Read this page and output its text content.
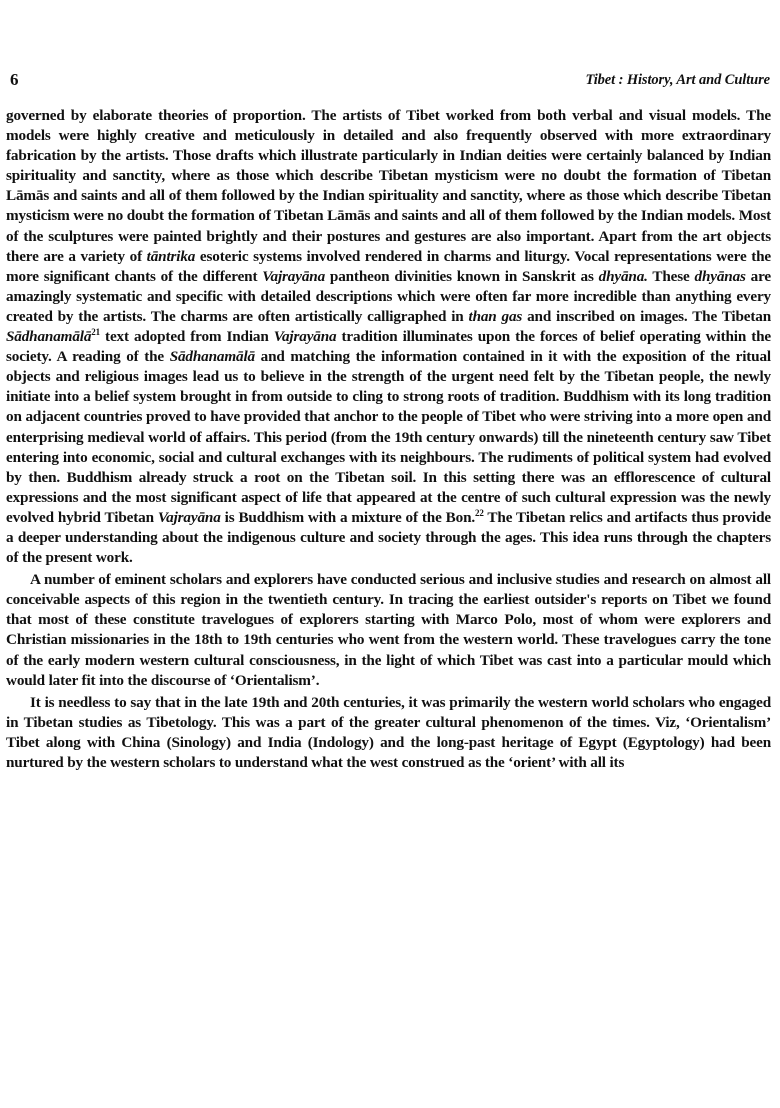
6	Tibet : History, Art and Culture

governed by elaborate theories of proportion. The artists of Tibet worked from both verbal and visual models. The models were highly creative and meticulously in detailed and also frequently observed with more extraordinary fabrication by the artists. Those drafts which illustrate particularly in Indian deities were certainly balanced by Indian spirituality and sanctity, where as those which describe Tibetan mysticism were no doubt the formation of Tibetan Lāmās and saints and all of them followed by the Indian spirituality and sanctity, where as those which describe Tibetan mysticism were no doubt the formation of Tibetan Lāmās and saints and all of them followed by the Indian models. Most of the sculptures were painted brightly and their postures and gestures are also important. Apart from the art objects there are a variety of tāntrika esoteric systems involved rendered in charms and liturgy. Vocal representations were the more significant chants of the different Vajrayāna pantheon divinities known in Sanskrit as dhyāna. These dhyānas are amazingly systematic and specific with detailed descriptions which were often far more incredible than anything every created by the artists. The charms are often artistically calligraphed in than gas and inscribed on images. The Tibetan Sādhanamālā$^{21}$ text adopted from Indian Vajrayāna tradition illuminates upon the forces of belief operating within the society. A reading of the Sādhanamālā and matching the information contained in it with the exposition of the ritual objects and religious images lead us to believe in the strength of the urgent need felt by the Tibetan people, the newly initiate into a belief system brought in from outside to cling to strong roots of tradition. Buddhism with its long tradition on adjacent countries proved to have provided that anchor to the people of Tibet who were striving into a more open and enterprising medieval world of affairs. This period (from the 19th century onwards) till the nineteenth century saw Tibet entering into economic, social and cultural exchanges with its neighbours. The rudiments of political system had evolved by then. Buddhism already struck a root on the Tibetan soil. In this setting there was an efflorescence of cultural expressions and the most significant aspect of life that appeared at the centre of such cultural expression was the newly evolved hybrid Tibetan Vajrayāna is Buddhism with a mixture of the Bon.$^{22}$ The Tibetan relics and artifacts thus provide a deeper understanding about the indigenous culture and society through the ages. This idea runs through the chapters of the present work.

A number of eminent scholars and explorers have conducted serious and inclusive studies and research on almost all conceivable aspects of this region in the twentieth century. In tracing the earliest outsider's reports on Tibet we found that most of these constitute travelogues of explorers starting with Marco Polo, most of whom were explorers and Christian missionaries in the 18th to 19th centuries who went from the western world. These travelogues carry the tone of the early modern western cultural consciousness, in the light of which Tibet was cast into a particular mould which would later fit into the discourse of ‘Orientalism’.

It is needless to say that in the late 19th and 20th centuries, it was primarily the western world scholars who engaged in Tibetan studies as Tibetology. This was a part of the greater cultural phenomenon of the times. Viz, ‘Orientalism’ Tibet along with China (Sinology) and India (Indology) and the long-past heritage of Egypt (Egyptology) had been nurtured by the western scholars to understand what the west construed as the ‘orient’ with all its
